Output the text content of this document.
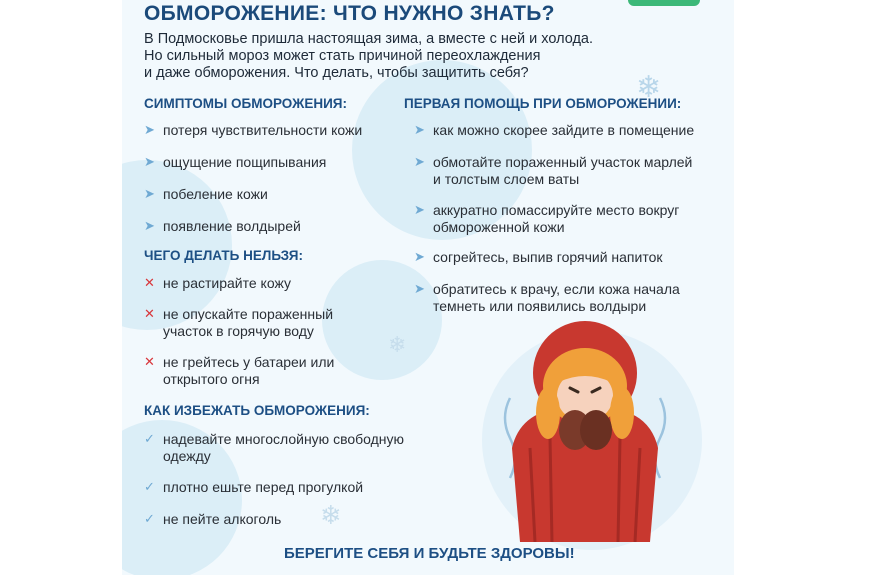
ОБМОРОЖЕНИЕ: ЧТО НУЖНО ЗНАТЬ?

В Подмосковье пришла настоящая зима, а вместе с ней и холода.
Но сильный мороз может стать причиной переохлаждения
и даже обморожения. Что делать, чтобы защитить себя?

СИМПТОМЫ ОБМОРОЖЕНИЯ:
➤ потеря чувствительности кожи
➤ ощущение пощипывания
➤ побеление кожи
➤ появление волдырей
ЧЕГО ДЕЛАТЬ НЕЛЬЗЯ:
✕ не растирайте кожу
✕ не опускайте пораженный
участок в горячую воду
✕ не грейтесь у батареи или
открытого огня
КАК ИЗБЕЖАТЬ ОБМОРОЖЕНИЯ:
✓ надевайте многослойную свободную
одежду
✓ плотно ешьте перед прогулкой
✓ не пейте алкоголь
ПЕРВАЯ ПОМОЩЬ ПРИ ОБМОРОЖЕНИИ:
➤ как можно скорее зайдите в помещение
➤ обмотайте пораженный участок марлей
и толстым слоем ваты
➤ аккуратно помассируйте место вокруг
обмороженной кожи
➤ согрейтесь, выпив горячий напиток
➤ обратитесь к врачу, если кожа начала
темнеть или появились волдыри
❄
❄
❄
БЕРЕГИТЕ СЕБЯ И БУДЬТЕ ЗДОРОВЫ!
